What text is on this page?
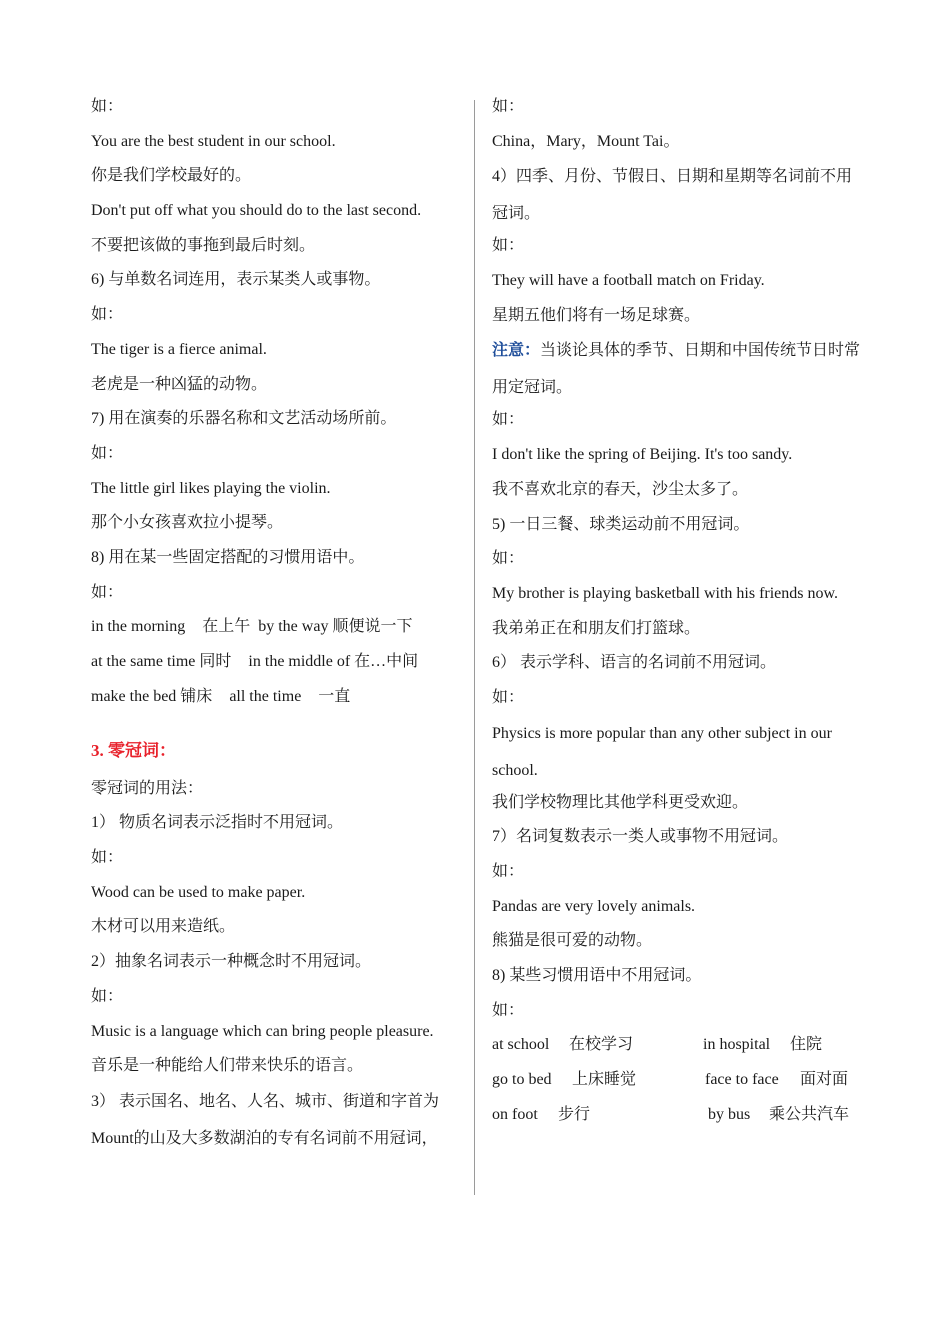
如：
You are the best student in our school.
你是我们学校最好的。
Don't put off what you should do to the last second.
不要把该做的事拖到最后时刻。
6) 与单数名词连用，表示某类人或事物。
如：
The tiger is a fierce animal.
老虎是一种凶猛的动物。
7) 用在演奏的乐器名称和文艺活动场所前。
如：
The little girl likes playing the violin.
那个小女孩喜欢拉小提琴。
8) 用在某一些固定搭配的习惯用语中。
如：
in the morning 在上午 by the way 顺便说一下
at the same time 同时 in the middle of 在…中间
make the bed 铺床 all the time 一直
3. 零冠词：
零冠词的用法：
1） 物质名词表示泛指时不用冠词。
如：
Wood can be used to make paper.
木材可以用来造纸。
2）抽象名词表示一种概念时不用冠词。
如：
Music is a language which can bring people pleasure.
音乐是一种能给人们带来快乐的语言。
3） 表示国名、地名、人名、城市、街道和字首为Mount的山及大多数湖泊的专有名词前不用冠词，
如：
China，Mary，Mount Tai。
4）四季、月份、节假日、日期和星期等名词前不用冠词。
如：
They will have a football match on Friday.
星期五他们将有一场足球赛。
注意：当谈论具体的季节、日期和中国传统节日时常用定冠词。
如：
I don't like the spring of Beijing. It's too sandy.
我不喜欢北京的春天，沙尘太多了。
5) 一日三餐、球类运动前不用冠词。
如：
My brother is playing basketball with his friends now.
我弟弟正在和朋友们打篮球。
6） 表示学科、语言的名词前不用冠词。
如：
Physics is more popular than any other subject in our school.
我们学校物理比其他学科更受欢迎。
7）名词复数表示一类人或事物不用冠词。
如：
Pandas are very lovely animals.
熊猫是很可爱的动物。
8) 某些习惯用语中不用冠词。
如：
at school 在校学习	in hospital 住院
go to bed 上床睡觉	face to face 面对面
on foot 步行	by bus 乘公共汽车
